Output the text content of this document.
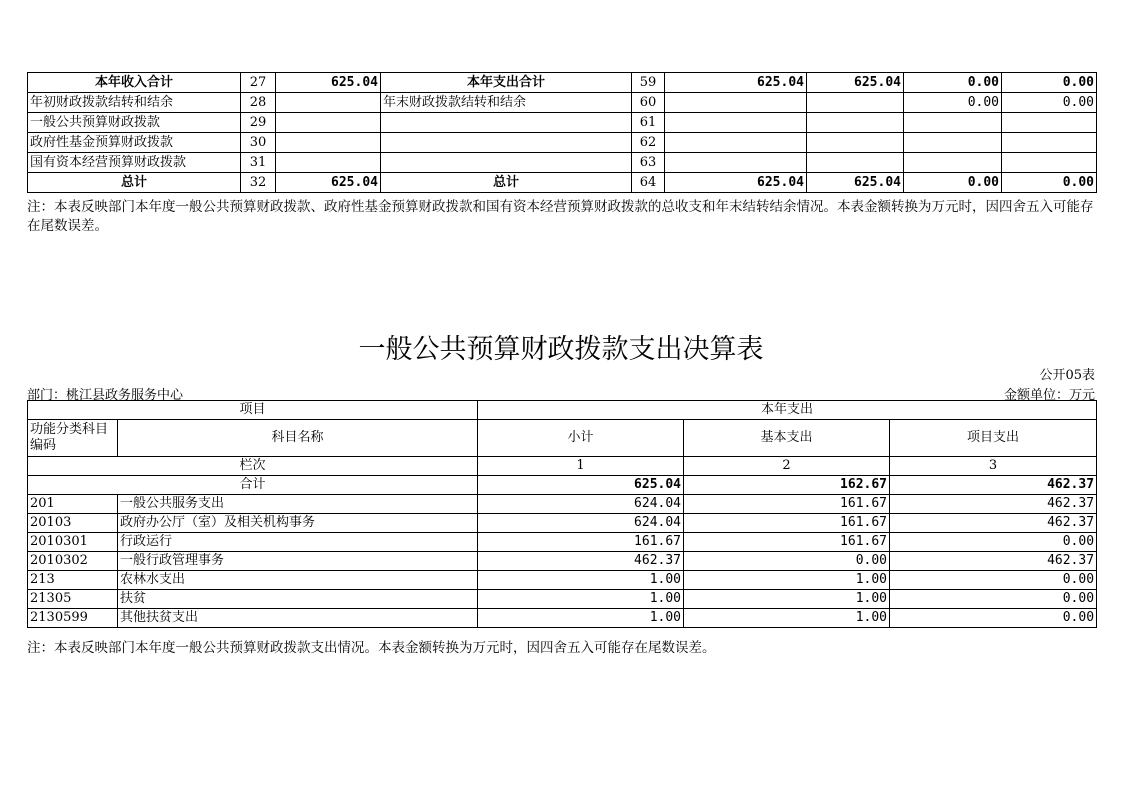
本年收入合计	27	625.04	本年支出合计	59	625.04	625.04	0.00	0.00
年初财政拨款结转和结余	28		年末财政拨款结转和结余	60			0.00	0.00
一般公共预算财政拨款	29			61				
政府性基金预算财政拨款	30			62				
国有资本经营预算财政拨款	31			63				
总计	32	625.04	总计	64	625.04	625.04	0.00	0.00
注：本表反映部门本年度一般公共预算财政拨款、政府性基金预算财政拨款和国有资本经营预算财政拨款的总收支和年末结转结余情况。本表金额转换为万元时，因四舍五入可能存在尾数误差。
一般公共预算财政拨款支出决算表
公开05表
部门：桃江县政务服务中心	金额单位：万元
项目		本年支出		
功能分类科目编码	科目名称	小计	基本支出	项目支出
栏次		1	2	3
合计		625.04	162.67	462.37
201	一般公共服务支出	624.04	161.67	462.37
20103	政府办公厅（室）及相关机构事务	624.04	161.67	462.37
2010301	行政运行	161.67	161.67	0.00
2010302	一般行政管理事务	462.37	0.00	462.37
213	农林水支出	1.00	1.00	0.00
21305	扶贫	1.00	1.00	0.00
2130599	其他扶贫支出	1.00	1.00	0.00
注：本表反映部门本年度一般公共预算财政拨款支出情况。本表金额转换为万元时，因四舍五入可能存在尾数误差。
